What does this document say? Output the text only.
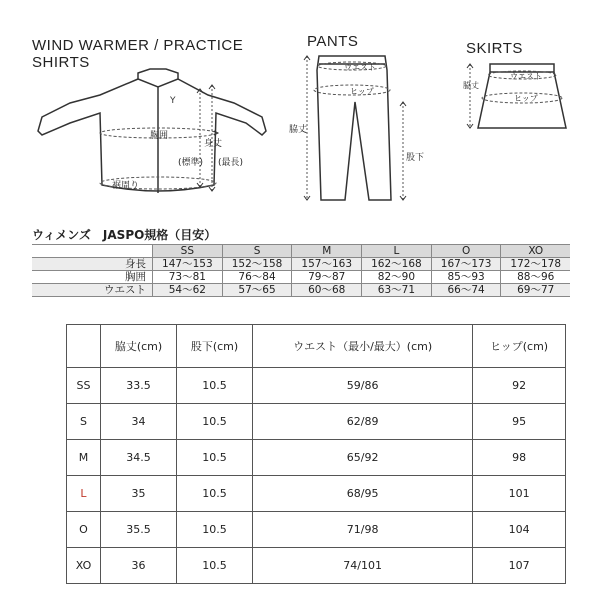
WIND WARMER / PRACTICE
SHIRTS
PANTS	SKIRTS
Y
胸囲
身丈
(標準) (最長)
裾周り
ウエスト
ヒップ
脇丈
股下
脇丈
ウエスト
ヒップ
ウィメンズ　JASPO規格（目安）
	SS	S	M	L	O	XO
身長	147〜153	152〜158	157〜163	162〜168	167〜173	172〜178
胸囲	73〜81	76〜84	79〜87	82〜90	85〜93	88〜96
ウエスト	54〜62	57〜65	60〜68	63〜71	66〜74	69〜77
	脇丈(cm)	股下(cm)	ウエスト（最小/最大）(cm)	ヒップ(cm)
SS	33.5	10.5	59/86	92
S	34	10.5	62/89	95
M	34.5	10.5	65/92	98
L	35	10.5	68/95	101
O	35.5	10.5	71/98	104
XO	36	10.5	74/101	107
